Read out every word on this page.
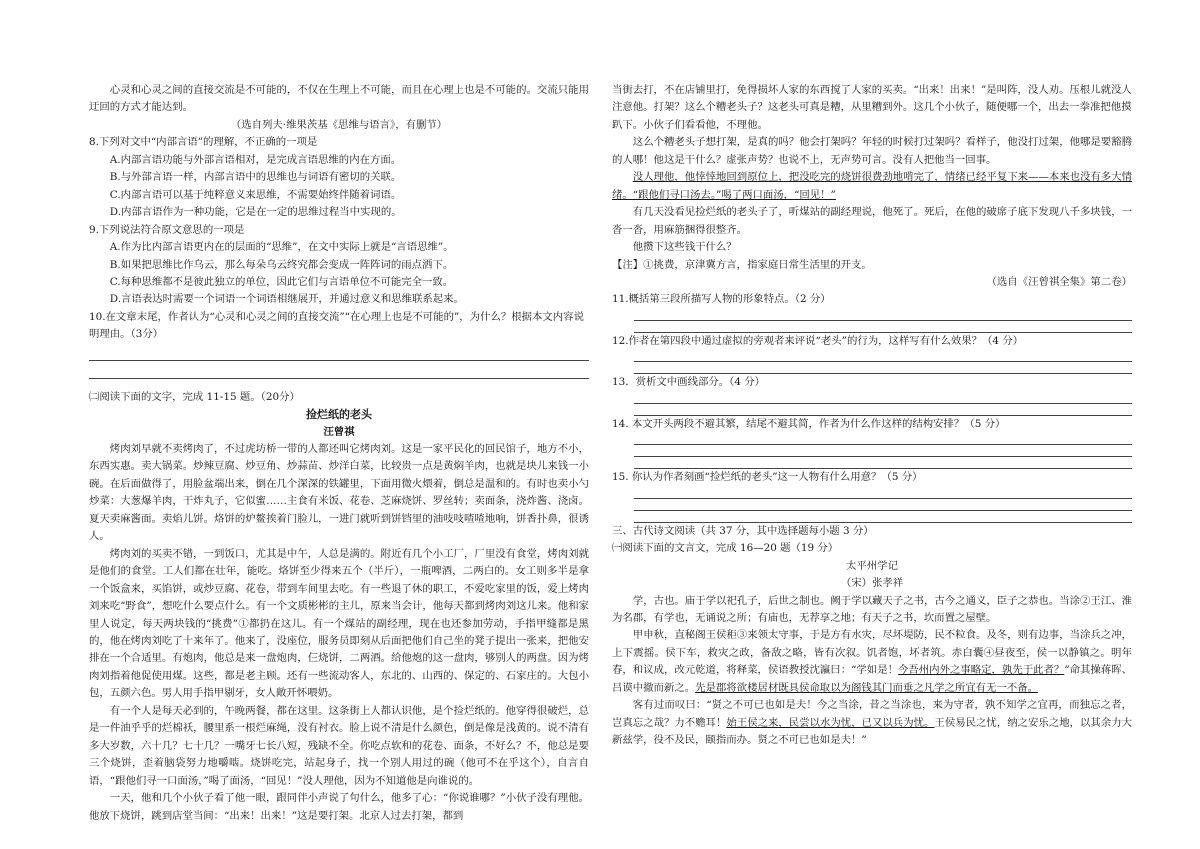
心灵和心灵之间的直接交流是不可能的，不仅在生理上不可能，而且在心理上也是不可能的。交流只能用迂回的方式才能达到。

（选自列夫·维果茨基《思维与语言》，有删节）

8.下列对文中“内部言语”的理解，不正确的一项是

A.内部言语功能与外部言语相对，是完成言语思维的内在方面。

B.与外部言语一样，内部言语中的思维也与词语有密切的关联。

C.内部言语可以基于纯粹意义来思维，不需要始终伴随着词语。

D.内部言语作为一种功能，它是在一定的思维过程当中实现的。

9.下列说法符合原文意思的一项是

A.作为比内部言语更内在的层面的“思维”，在文中实际上就是“言语思维”。

B.如果把思维比作乌云，那么每朵乌云终究都会变成一阵阵词的雨点洒下。

C.每种思维都不是彼此独立的单位，因此它们与言语单位不可能完全一致。

D.言语表达时需要一个词语一个词语相继展开，并通过意义和思维联系起来。

10.在文章末尾，作者认为“心灵和心灵之间的直接交流”“在心理上也是不可能的”，为什么？根据本文内容说明理由。（3分）

㈡阅读下面的文字，完成 11-15 题。（20分）

捡烂纸的老头

汪曾祺

烤肉刘早就不卖烤肉了，不过虎坊桥一带的人都还叫它烤肉刘。这是一家平民化的回民馆子，地方不小，东西实惠。卖大锅菜。炒辣豆腐、炒豆角、炒蒜苗、炒洋白菜，比较贵一点是黄焖羊肉，也就是块儿来钱一小碗。在后面做得了，用脸盆端出来，倒在几个深深的铁罐里，下面用微火煨着，倒总是温和的。有时也卖小勺炒菜：大葱爆羊肉，干炸丸子，它似蜜……主食有米饭、花卷、芝麻烧饼、罗丝转；卖面条，浇炸酱、浇卤。夏天卖麻酱面。卖焰儿饼。烙饼的炉鳌挨着门脸儿，一进门就听到饼铛里的油吱吱喳喳地响，饼香扑鼻，很诱人。

烤肉刘的买卖不错，一到饭口，尤其是中午，人总是满的。附近有几个小工厂，厂里没有食堂，烤肉刘就是他们的食堂。工人们都在壮年，能吃。烙饼至少得来五个（半斤），一瓶啤酒，二两白的。女工则多半是拿一个饭盒来，买馅饼，或炒豆腐、花卷，带到车间里去吃。有一些退了休的职工，不爱吃家里的饭，爱上烤肉刘来吃“野食”，想吃什么要点什么。有一个文质彬彬的主儿，原来当会计，他每天都到烤肉刘这儿来。他和家里人说定，每天两块钱的“挑费”①都扔在这儿。有一个煤站的副经理，现在也还参加劳动，手指甲缝都是黑的，他在烤肉刘吃了十来年了。他来了，没座位，服务员即刻从后面把他们自己坐的凳子提出一张来，把他安排在一个合适里。有炮肉，他总是来一盘炮肉，仨烧饼，二两酒。给他炮的这一盘肉，够别人的两盘。因为烤肉刘指着他促使用煤。这些，都是老主顾。还有一些流动客人，东北的、山西的、保定的、石家庄的。大包小包，五颜六色。男人用手指甲剔牙，女人敞开怀喂奶。

有一个人是每天必到的，午晚两餐，都在这里。这条街上人都认识他，是个捡烂纸的。他穿得很破烂，总是一件油乎乎的烂棉袄，腰里系一根烂麻绳，没有衬衣。脸上说不清是什么颜色，倒是像是浅黄的。说不清有多大岁数，六十几？七十几？一嘴牙七长八短，残缺不全。你吃点软和的花卷、面条，不好么？不，他总是要三个烧饼，歪着脑袋努力地嚼啮。烧饼吃完，站起身子，找一个别人用过的碗（他可不在乎这个），自言自语，“跟他们寻一口面汤，”喝了面汤，“回见！”没人理他，因为不知道他是向谁说的。

一天，他和几个小伙子看了他一眼，跟同伴小声说了句什么，他多了心：“你说谁哪？”小伙子没有理他。他放下烧饼，跳到店堂当间：“出来！出来！”这是要打架。北京人过去打架，都到

当街去打，不在店铺里打，免得损坏人家的东西搅了人家的买卖。“出来！出来！”是叫阵，没人劝。压根儿就没人注意他。打架？这么个糟老头子？这老头可真是糟，从里糟到外。这几个小伙子，随便哪一个，出去一拳准把他摸趴下。小伙子们看看他，不理他。

这么个糟老头子想打架，是真的吗？他会打架吗？年轻的时候打过架吗？看样子，他没打过架，他哪是要豁腾的人哪！他这是干什么？虚张声势？也说不上，无声势可言。没有人把他当一回事。

没人理他，他悻悻地回到原位上，把没吃完的烧饼很费劲地啃完了，情绪已经平复下来——本来也没有多大情绪。“跟他们寻口汤去。”喝了两口面汤，“回见！”

有几天没看见捡烂纸的老头子了，听煤站的副经理说，他死了。死后，在他的破席子底下发现八千多块钱，一沓一沓，用麻筋捆得很整齐。

他攒下这些钱干什么？

【注】①挑费，京津冀方言，指家庭日常生活里的开支。

（选自《汪曾祺全集》第二卷）

11.概括第三段所描写人物的形象特点。（2 分）

12.作者在第四段中通过虚拟的旁观者来评说“老头”的行为，这样写有什么效果？（4 分）

13．赏析文中画线部分。（4 分）

14. 本文开头两段不避其繁，结尾不避其简，作者为什么作这样的结构安排？（5 分）

15. 你认为作者刻画“捡烂纸的老头”这一人物有什么用意？（5 分）

三、古代诗文阅读（共 37 分，其中选择题每小题 3 分）

㈠阅读下面的文言文，完成 16—20 题（19 分）

太平州学记

（宋）张孝祥

学，古也。庙于学以祀孔子，后世之制也。阙于学以藏天子之书，古今之通义，臣子之恭也。当涂②王江、淮为名郡，有学也，无诵说之所；有庙也，无荐享之地；有天子之书，坎而置之屋壁。

甲申秋，直秘阁王侯秬③来领太守事，于是方有水灾，尽坏堤防，民不粒食。及冬，则有边事，当涂兵之冲，上下震摇。侯下车，救灾之政，备敌之略，皆有次叙。饥者饱，坏者筑。赤白囊④昼夜至，侯一以静镇之。明年春，和议成，改元乾道，将释菜，侯语教授沈瀛曰：“学如是！今吾州内外之事略定，孰先于此者？”命其操蒋晖、吕谟中撤而新之。先是郡将欲楼居材既具侯命取以为阁钱其门而垂之凡学之所宜有无一不备。

客有过而叹曰：“贤之不可已也如是夫！今之当涂，昔之当涂也，来为守者，孰不知学之宜再，而独忘之者，岂真忘之哉？力不赡耳！始王侯之来，民尝以水为忧，已又以兵为忧。王侯易民之忧，纳之安乐之地，以其余力大新兹学，役不及民，颐指而办。贤之不可已也如是夫！”
